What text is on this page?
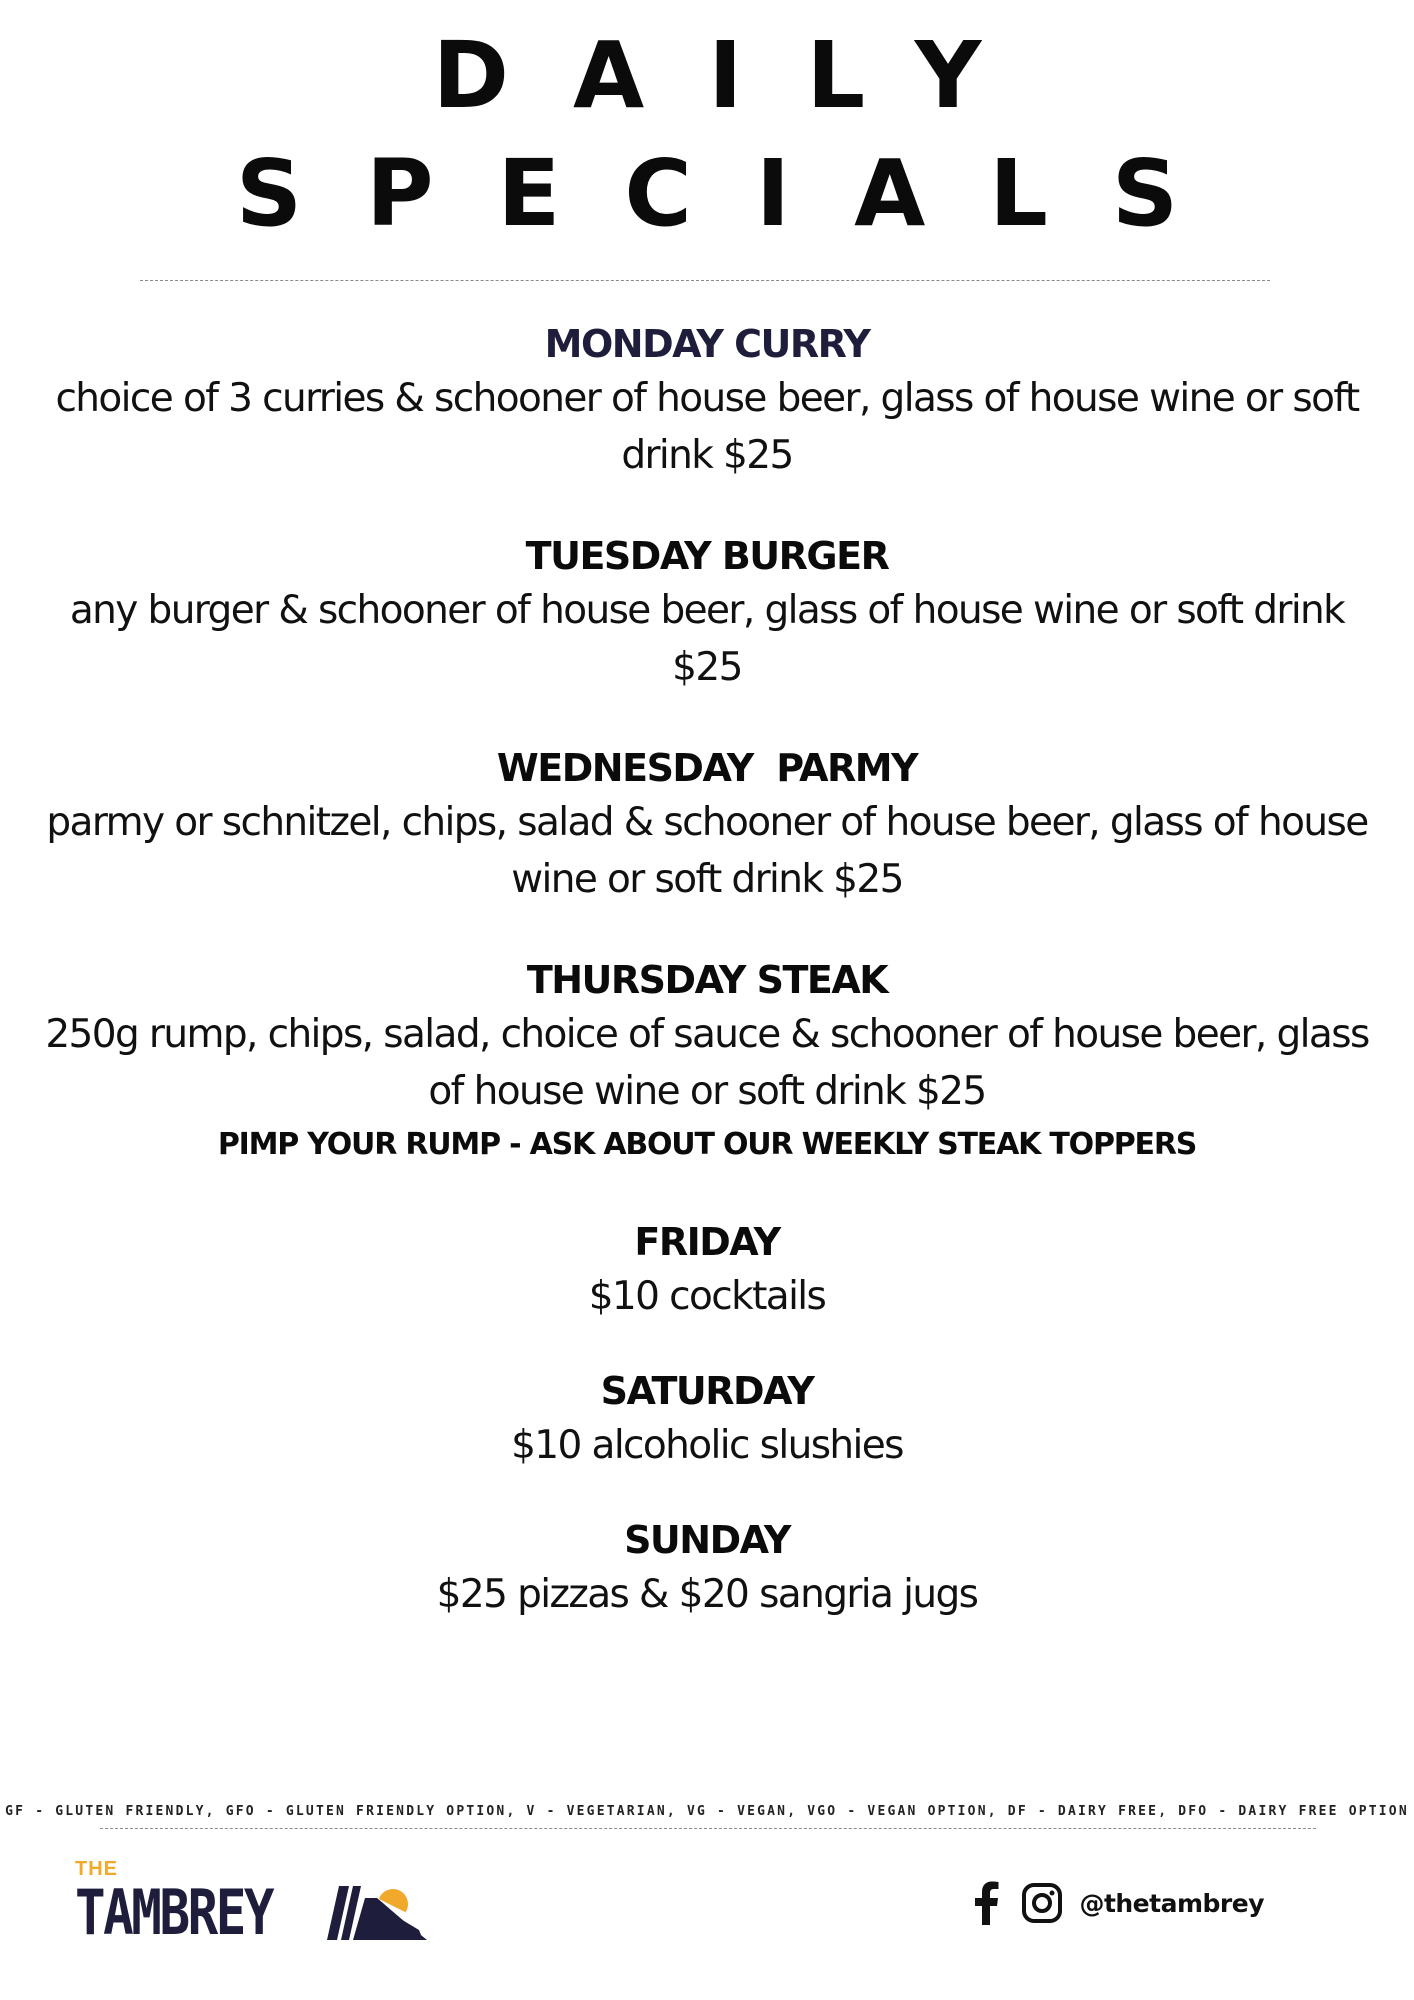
DAILY
SPECIALS
MONDAY CURRY
choice of 3 curries & schooner of house beer, glass of house wine or soft drink $25
TUESDAY BURGER
any burger & schooner of house beer, glass of house wine or soft drink $25
WEDNESDAY  PARMY
parmy or schnitzel, chips, salad & schooner of house beer, glass of house wine or soft drink $25
THURSDAY STEAK
250g rump, chips, salad, choice of sauce & schooner of house beer, glass of house wine or soft drink $25
PIMP YOUR RUMP - ASK ABOUT OUR WEEKLY STEAK TOPPERS
FRIDAY
$10 cocktails
SATURDAY
$10 alcoholic slushies
SUNDAY
$25 pizzas & $20 sangria jugs
GF - GLUTEN FRIENDLY, GFO - GLUTEN FRIENDLY OPTION, V - VEGETARIAN, VG - VEGAN, VGO - VEGAN OPTION, DF - DAIRY FREE, DFO - DAIRY FREE OPTION
THE
TAMBREY	@thetambrey
